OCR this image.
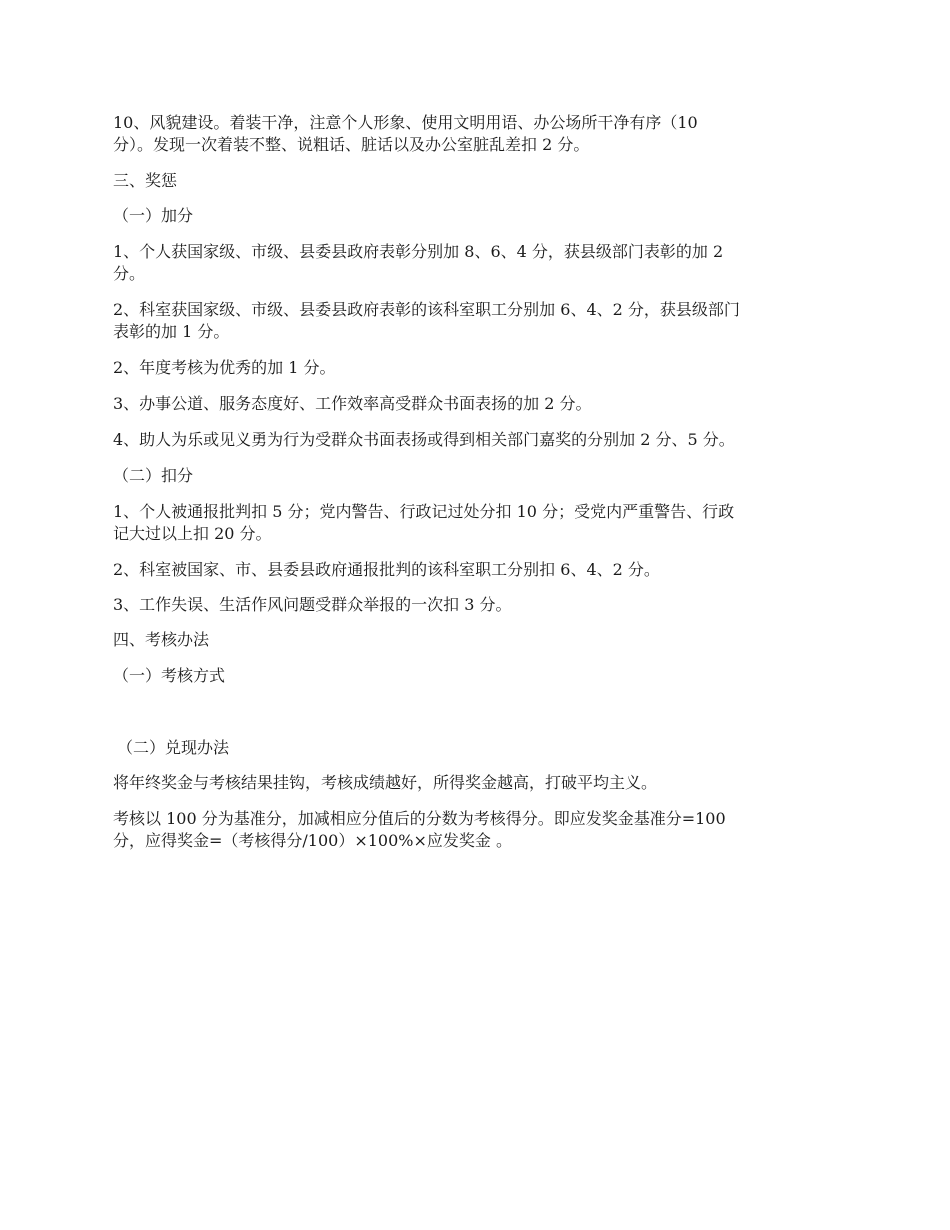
10、风貌建设。着装干净，注意个人形象、使用文明用语、办公场所干净有序（10
分）。发现一次着装不整、说粗话、脏话以及办公室脏乱差扣 2 分。
三、奖惩
（一）加分
1、个人获国家级、市级、县委县政府表彰分别加 8、6、4 分，获县级部门表彰的加 2
分。
2、科室获国家级、市级、县委县政府表彰的该科室职工分别加 6、4、2 分，获县级部门
表彰的加 1 分。
2、年度考核为优秀的加 1 分。
3、办事公道、服务态度好、工作效率高受群众书面表扬的加 2 分。
4、助人为乐或见义勇为行为受群众书面表扬或得到相关部门嘉奖的分别加 2 分、5 分。
（二）扣分
1、个人被通报批判扣 5 分；党内警告、行政记过处分扣 10 分；受党内严重警告、行政
记大过以上扣 20 分。
2、科室被国家、市、县委县政府通报批判的该科室职工分别扣 6、4、2 分。
3、工作失误、生活作风问题受群众举报的一次扣 3 分。
四、考核办法
（一）考核方式
（二）兑现办法
将年终奖金与考核结果挂钩，考核成绩越好，所得奖金越高，打破平均主义。
考核以 100 分为基准分，加减相应分值后的分数为考核得分。即应发奖金基准分=100
分，应得奖金=（考核得分/100）×100%×应发奖金 。
